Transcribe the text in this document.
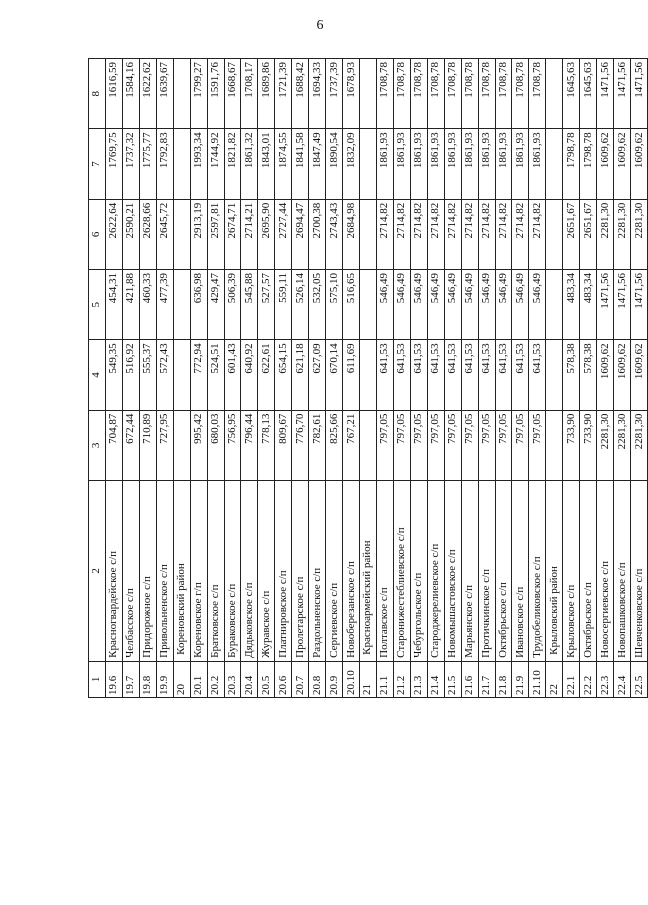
6
1	2	3	4	5	6	7	8
19.6	Красногвардейское с/п	704,87	549,35	454,31	2622,64	1769,75	1616,59
19.7	Челбасское с/п	672,44	516,92	421,88	2590,21	1737,32	1584,16
19.8	Придорожное с/п	710,89	555,37	460,33	2628,66	1775,77	1622,62
19.9	Привольненское с/п	727,95	572,43	477,39	2645,72	1792,83	1639,67
20	Кореновский район						
20.1	Кореновское г/п	995,42	772,94	636,98	2913,19	1993,34	1799,27
20.2	Братковское с/п	680,03	524,51	429,47	2597,81	1744,92	1591,76
20.3	Бураковское с/п	756,95	601,43	506,39	2674,71	1821,82	1668,67
20.4	Дядьковское с/п	796,44	640,92	545,88	2714,21	1861,32	1708,17
20.5	Журавское с/п	778,13	622,61	527,57	2695,90	1843,01	1689,86
20.6	Платнировское с/п	809,67	654,15	559,11	2727,44	1874,55	1721,39
20.7	Пролетарское с/п	776,70	621,18	526,14	2694,47	1841,58	1688,42
20.8	Раздольненское с/п	782,61	627,09	532,05	2700,38	1847,49	1694,33
20.9	Сергиевское с/п	825,66	670,14	575,10	2743,43	1890,54	1737,39
20.10	Новоберезанское с/п	767,21	611,69	516,65	2684,98	1832,09	1678,93
21	Красноармейский район						
21.1	Полтавское с/п	797,05	641,53	546,49	2714,82	1861,93	1708,78
21.2	Старонижестеблиевское с/п	797,05	641,53	546,49	2714,82	1861,93	1708,78
21.3	Чебургольское с/п	797,05	641,53	546,49	2714,82	1861,93	1708,78
21.4	Староджерелиевское с/п	797,05	641,53	546,49	2714,82	1861,93	1708,78
21.5	Новомышастовское с/п	797,05	641,53	546,49	2714,82	1861,93	1708,78
21.6	Марьянское с/п	797,05	641,53	546,49	2714,82	1861,93	1708,78
21.7	Протичкинское с/п	797,05	641,53	546,49	2714,82	1861,93	1708,78
21.8	Октябрьское с/п	797,05	641,53	546,49	2714,82	1861,93	1708,78
21.9	Ивановское с/п	797,05	641,53	546,49	2714,82	1861,93	1708,78
21.10	Трудобеликовское с/п	797,05	641,53	546,49	2714,82	1861,93	1708,78
22	Крыловский район						
22.1	Крыловское с/п	733,90	578,38	483,34	2651,67	1798,78	1645,63
22.2	Октябрьское с/п	733,90	578,38	483,34	2651,67	1798,78	1645,63
22.3	Новосергиевское с/п	2281,30	1609,62	1471,56	2281,30	1609,62	1471,56
22.4	Новопашковское с/п	2281,30	1609,62	1471,56	2281,30	1609,62	1471,56
22.5	Шевченковское с/п	2281,30	1609,62	1471,56	2281,30	1609,62	1471,56
